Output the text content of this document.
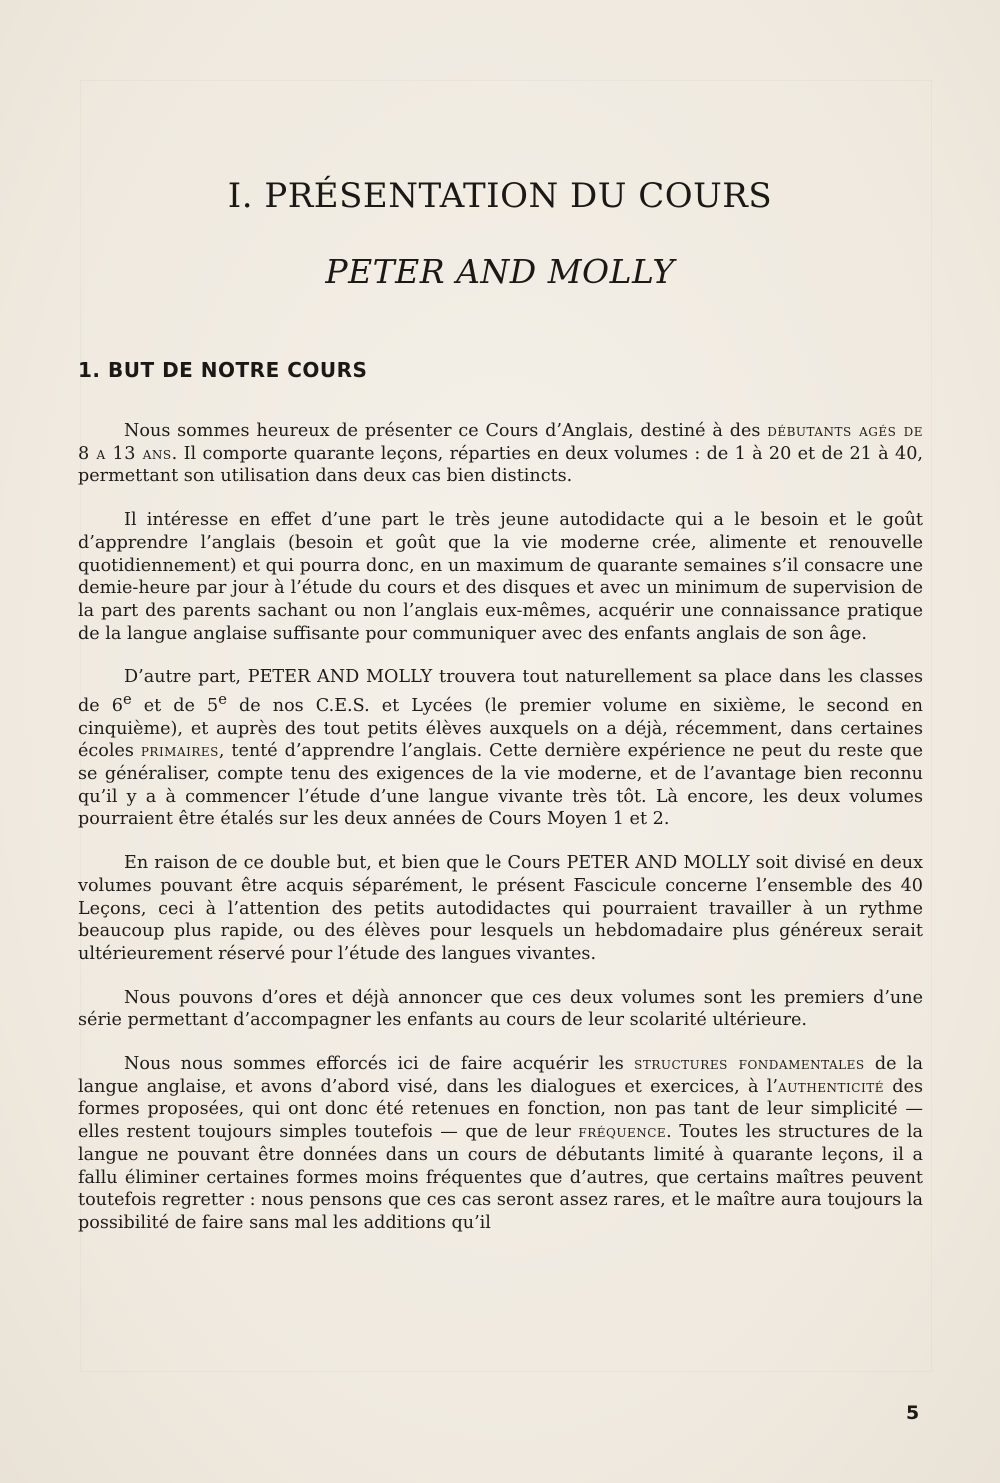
I. PRÉSENTATION DU COURS
PETER AND MOLLY
1. BUT DE NOTRE COURS

Nous sommes heureux de présenter ce Cours d’Anglais, destiné à des débutants agés de 8 a 13 ans. Il comporte quarante leçons, réparties en deux volumes : de 1 à 20 et de 21 à 40, permettant son utilisation dans deux cas bien distincts.

Il intéresse en effet d’une part le très jeune autodidacte qui a le besoin et le goût d’apprendre l’anglais (besoin et goût que la vie moderne crée, alimente et renouvelle quotidiennement) et qui pourra donc, en un maximum de quarante semaines s’il consacre une demie-heure par jour à l’étude du cours et des disques et avec un minimum de supervision de la part des parents sachant ou non l’anglais eux-mêmes, acquérir une connaissance pratique de la langue anglaise suffisante pour communiquer avec des enfants anglais de son âge.

D’autre part, PETER AND MOLLY trouvera tout naturellement sa place dans les classes de 6e et de 5e de nos C.E.S. et Lycées (le premier volume en sixième, le second en cinquième), et auprès des tout petits élèves auxquels on a déjà, récemment, dans certaines écoles primaires, tenté d’apprendre l’anglais. Cette dernière expérience ne peut du reste que se généraliser, compte tenu des exigences de la vie moderne, et de l’avantage bien reconnu qu’il y a à commencer l’étude d’une langue vivante très tôt. Là encore, les deux volumes pourraient être étalés sur les deux années de Cours Moyen 1 et 2.

En raison de ce double but, et bien que le Cours PETER AND MOLLY soit divisé en deux volumes pouvant être acquis séparément, le présent Fascicule concerne l’ensemble des 40 Leçons, ceci à l’attention des petits autodidactes qui pourraient travailler à un rythme beaucoup plus rapide, ou des élèves pour lesquels un hebdomadaire plus généreux serait ultérieurement réservé pour l’étude des langues vivantes.

Nous pouvons d’ores et déjà annoncer que ces deux volumes sont les premiers d’une série permettant d’accompagner les enfants au cours de leur scolarité ultérieure.

Nous nous sommes efforcés ici de faire acquérir les structures fondamentales de la langue anglaise, et avons d’abord visé, dans les dialogues et exercices, à l’authenticité des formes proposées, qui ont donc été retenues en fonction, non pas tant de leur simplicité — elles restent toujours simples toutefois — que de leur fréquence. Toutes les structures de la langue ne pouvant être données dans un cours de débutants limité à quarante leçons, il a fallu éliminer certaines formes moins fréquentes que d’autres, que certains maîtres peuvent toutefois regretter : nous pensons que ces cas seront assez rares, et le maître aura toujours la possibilité de faire sans mal les additions qu’il

5
